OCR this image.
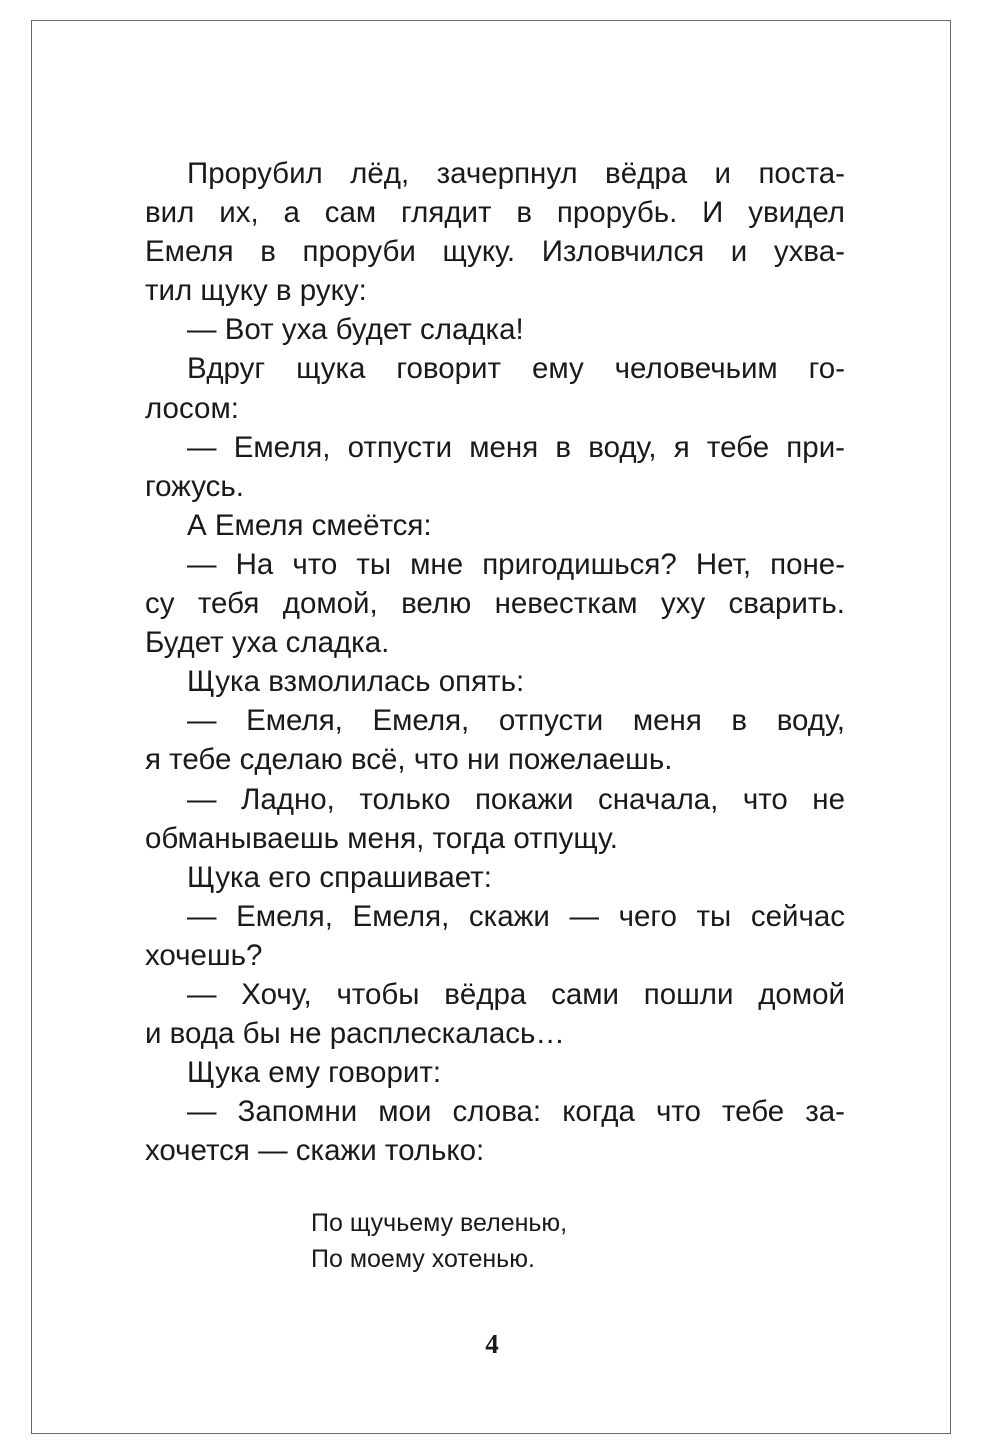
Прорубил лёд, зачерпнул вёдра и поста-
вил их, а сам глядит в прорубь. И увидел
Емеля в проруби щуку. Изловчился и ухва-
тил щуку в руку:
— Вот уха будет сладка!
Вдруг щука говорит ему человечьим го-
лосом:
— Емеля, отпусти меня в воду, я тебе при-
гожусь.
А Емеля смеётся:
— На что ты мне пригодишься? Нет, поне-
су тебя домой, велю невесткам уху сварить.
Будет уха сладка.
Щука взмолилась опять:
— Емеля, Емеля, отпусти меня в воду,
я тебе сделаю всё, что ни пожелаешь.
— Ладно, только покажи сначала, что не
обманываешь меня, тогда отпущу.
Щука его спрашивает:
— Емеля, Емеля, скажи — чего ты сейчас
хочешь?
— Хочу, чтобы вёдра сами пошли домой
и вода бы не расплескалась…
Щука ему говорит:
— Запомни мои слова: когда что тебе за-
хочется — скажи только:
По щучьему веленью,
По моему хотенью.
4
